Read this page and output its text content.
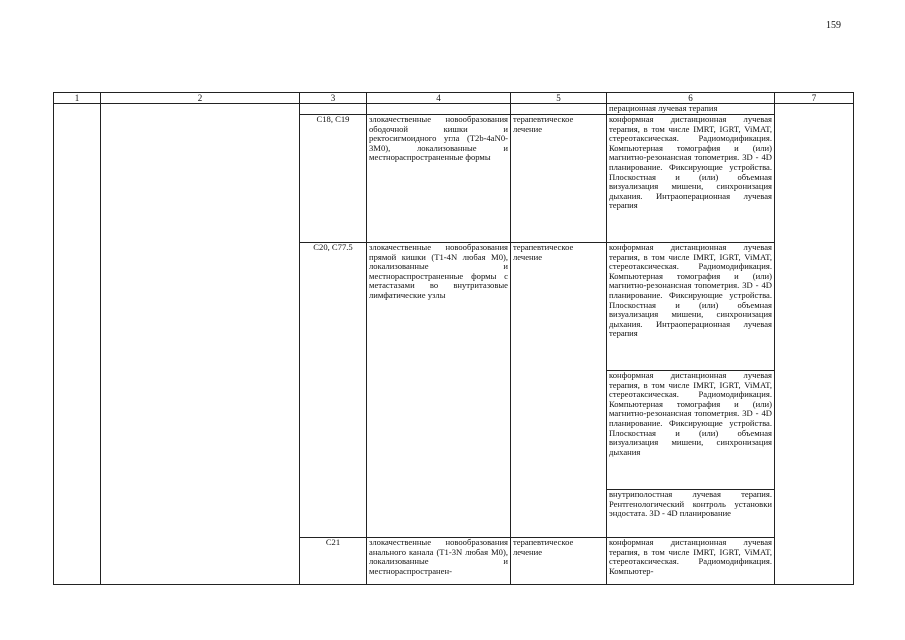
159
1	2	3	4	5	6	7
					перационная лучевая терапия	
		C18, C19	злокачественные новообразования ободочной кишки и ректосигмоидного угла (T2b-4aN0-3M0), локализованные и местнораспространенные формы	терапевтическое лечение	конформная дистанционная лучевая терапия, в том числе IMRT, IGRT, ViMAT, стереотаксическая. Радиомодификация. Компьютерная томография и (или) магнитно-резонансная топометрия. 3D - 4D планирование. Фиксирующие устройства. Плоскостная и (или) объемная визуализация мишени, синхронизация дыхания. Интраоперационная лучевая терапия	
		C20, C77.5	злокачественные новообразования прямой кишки (T1-4N любая M0), локализованные и местнораспространенные формы с метастазами во внутритазовые лимфатические узлы	терапевтическое лечение	конформная дистанционная лучевая терапия, в том числе IMRT, IGRT, ViMAT, стереотаксическая. Радиомодификация. Компьютерная томография и (или) магнитно-резонансная топометрия. 3D - 4D планирование. Фиксирующие устройства. Плоскостная и (или) объемная визуализация мишени, синхронизация дыхания. Интраоперационная лучевая терапия	
					конформная дистанционная лучевая терапия, в том числе IMRT, IGRT, ViMAT, стереотаксическая. Радиомодификация. Компьютерная томография и (или) магнитно-резонансная топометрия. 3D - 4D планирование. Фиксирующие устройства. Плоскостная и (или) объемная визуализация мишени, синхронизация дыхания	
					внутриполостная лучевая терапия. Рентгенологический контроль установки эндостата. 3D - 4D планирование	
		C21	злокачественные новообразования анального канала (T1-3N любая M0), локализованные и местнораспространен-	терапевтическое лечение	конформная дистанционная лучевая терапия, в том числе IMRT, IGRT, ViMAT, стереотаксическая. Радиомодификация. Компьютер-	
